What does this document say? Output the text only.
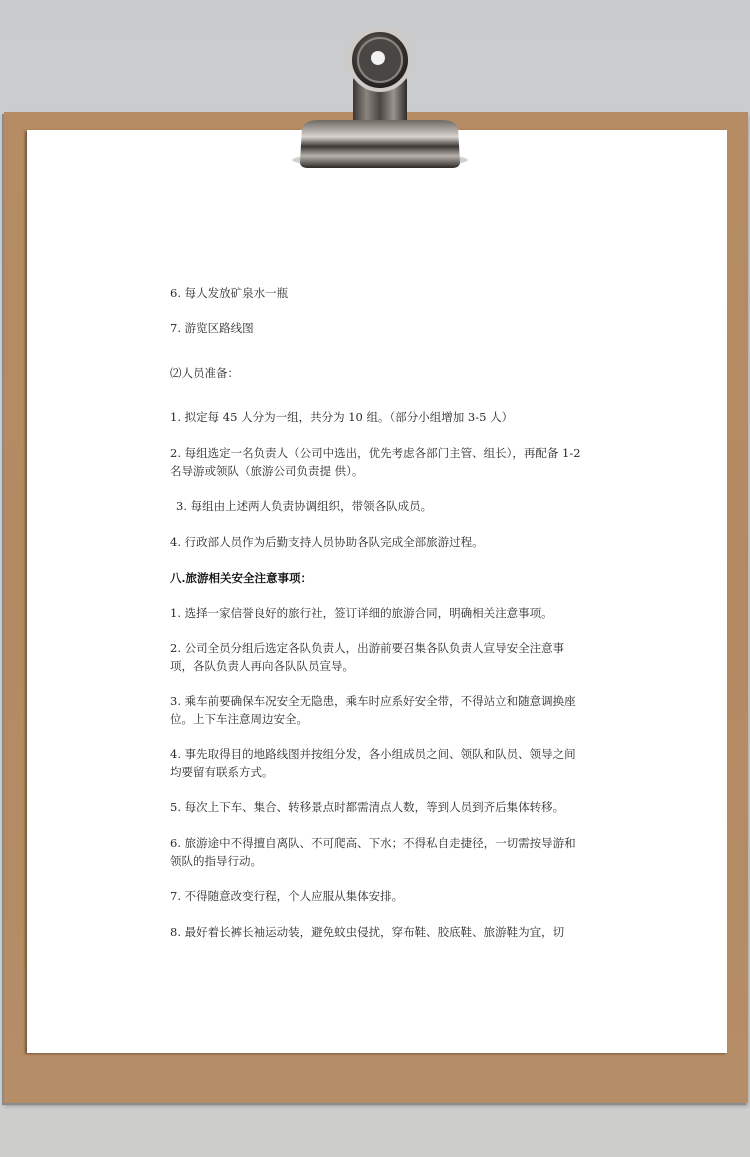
6. 每人发放矿泉水一瓶

7. 游览区路线图

⑵人员准备：

1. 拟定每 45 人分为一组，共分为 10 组。（部分小组增加 3-5 人）

2. 每组选定一名负责人（公司中选出，优先考虑各部门主管、组长），再配备 1-2 名导游或领队（旅游公司负责提 供）。

3. 每组由上述两人负责协调组织，带领各队成员。

4. 行政部人员作为后勤支持人员协助各队完成全部旅游过程。

八.旅游相关安全注意事项：

1. 选择一家信誉良好的旅行社，签订详细的旅游合同，明确相关注意事项。

2. 公司全员分组后选定各队负责人，出游前要召集各队负责人宣导安全注意事项，各队负责人再向各队队员宣导。

3. 乘车前要确保车况安全无隐患，乘车时应系好安全带，不得站立和随意调换座位。上下车注意周边安全。

4. 事先取得目的地路线图并按组分发，各小组成员之间、领队和队员、领导之间均要留有联系方式。

5. 每次上下车、集合、转移景点时都需清点人数，等到人员到齐后集体转移。

6. 旅游途中不得擅自离队、不可爬高、下水；不得私自走捷径，一切需按导游和领队的指导行动。

7. 不得随意改变行程，个人应服从集体安排。

8. 最好着长裤长袖运动装，避免蚊虫侵扰，穿布鞋、胶底鞋、旅游鞋为宜，切
